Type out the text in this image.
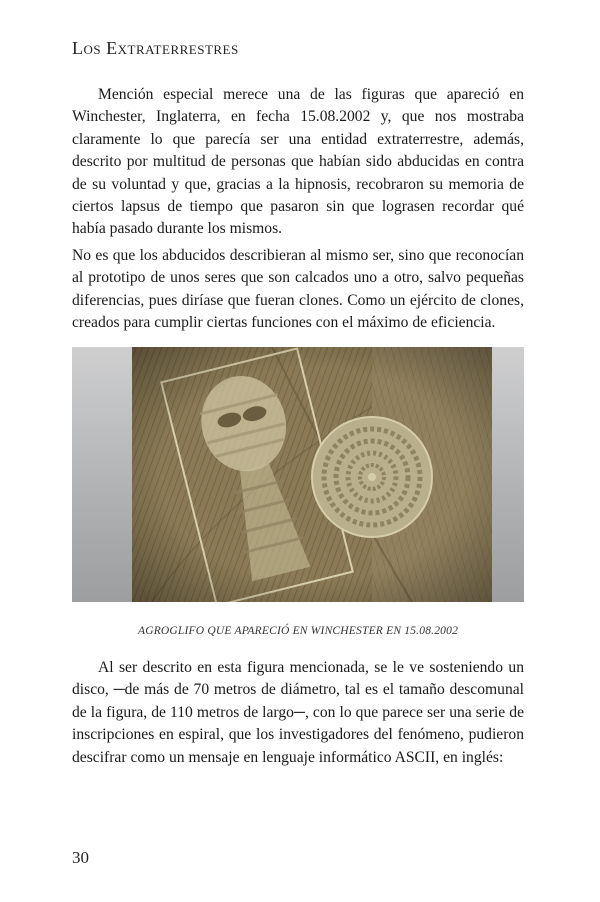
Los Extraterrestres

Mención especial merece una de las figuras que apareció en Winchester, Inglaterra, en fecha 15.08.2002 y, que nos mostraba claramente lo que parecía ser una entidad extraterrestre, además, descrito por multitud de personas que habían sido abducidas en contra de su voluntad y que, gracias a la hipnosis, recobraron su memoria de ciertos lapsus de tiempo que pasaron sin que lograsen recordar qué había pasado durante los mismos.

No es que los abducidos describieran al mismo ser, sino que reconocían al prototipo de unos seres que son calcados uno a otro, salvo pequeñas diferencias, pues diríase que fueran clones. Como un ejército de clones, creados para cumplir ciertas funciones con el máximo de eficiencia.

AGROGLIFO QUE APARECIÓ EN WINCHESTER EN 15.08.2002

Al ser descrito en esta figura mencionada, se le ve sosteniendo un disco, ─de más de 70 metros de diámetro, tal es el tamaño descomunal de la figura, de 110 metros de largo─, con lo que parece ser una serie de inscripciones en espiral, que los investigadores del fenómeno, pudieron descifrar como un mensaje en lenguaje informático ASCII, en inglés:

30
